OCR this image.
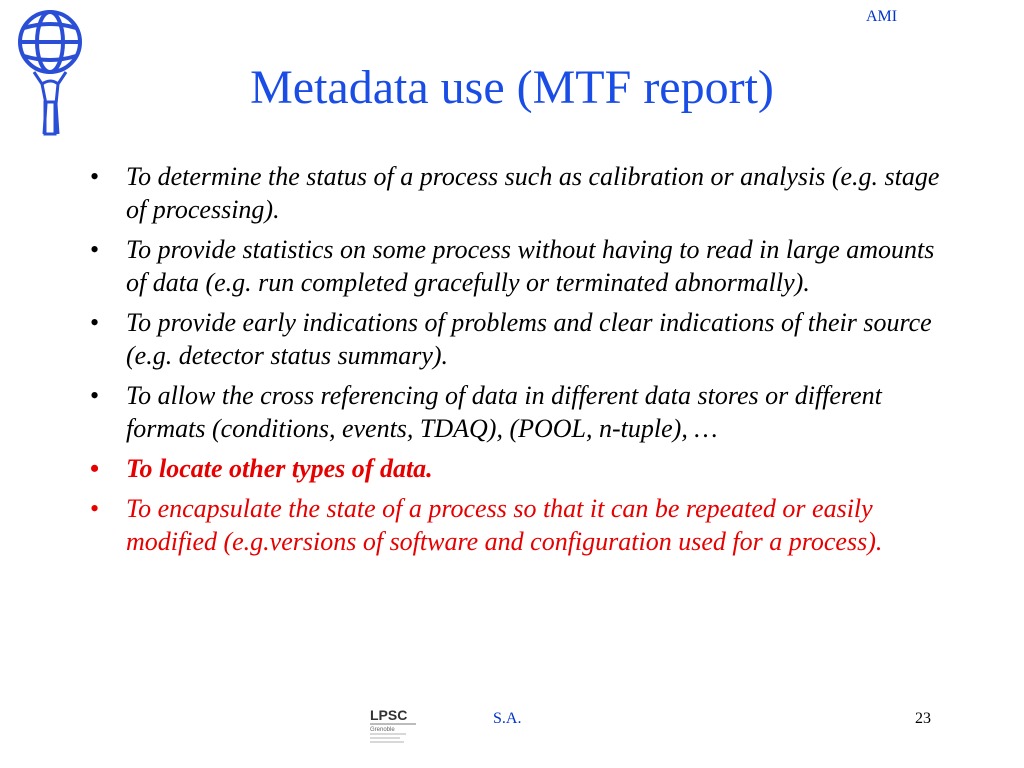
AMI
Metadata use (MTF report)
•	To determine the status of a process such as calibration or analysis (e.g. stage of processing).
•	To provide statistics on some process without having to read in large amounts of data (e.g. run completed gracefully or terminated abnormally).
•	To provide early indications of problems and clear indications of their source (e.g. detector status summary).
•	To allow the cross referencing of data in different data stores or different formats (conditions, events, TDAQ), (POOL, n-tuple), …
•	To locate other types of data.
•	To encapsulate the state of a process so that it can be repeated or easily modified (e.g.versions of software and configuration used for a process).
LPSC
Grenoble
S.A.	23
